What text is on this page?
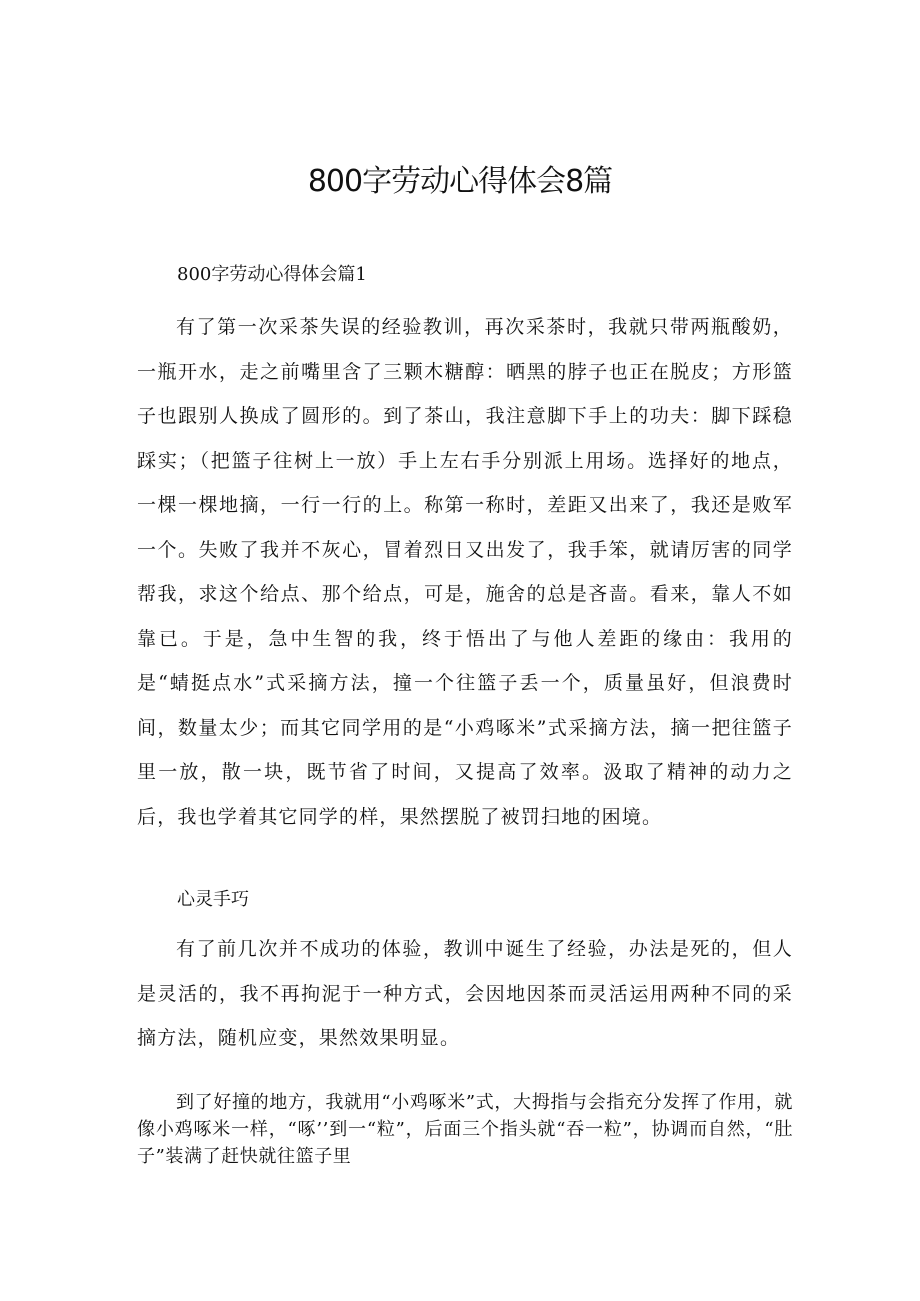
800字劳动心得体会8篇

800字劳动心得体会篇1

有了第一次采茶失误的经验教训，再次采茶时，我就只带两瓶酸奶，一瓶开水，走之前嘴里含了三颗木糖醇：晒黑的脖子也正在脱皮；方形篮子也跟别人换成了圆形的。到了茶山，我注意脚下手上的功夫：脚下踩稳踩实；（把篮子往树上一放）手上左右手分别派上用场。选择好的地点，一棵一棵地摘，一行一行的上。称第一称时，差距又出来了，我还是败军一个。失败了我并不灰心，冒着烈日又出发了，我手笨，就请厉害的同学帮我，求这个给点、那个给点，可是，施舍的总是吝啬。看来，靠人不如靠已。于是，急中生智的我，终于悟出了与他人差距的缘由：我用的是“蜻挺点水”式采摘方法，撞一个往篮子丢一个，质量虽好，但浪费时间，数量太少；而其它同学用的是“小鸡啄米”式采摘方法，摘一把往篮子里一放，散一块，既节省了时间，又提高了效率。汲取了精神的动力之后，我也学着其它同学的样，果然摆脱了被罚扫地的困境。

心灵手巧

有了前几次并不成功的体验，教训中诞生了经验，办法是死的，但人是灵活的，我不再拘泥于一种方式，会因地因茶而灵活运用两种不同的采摘方法，随机应变，果然效果明显。

到了好撞的地方，我就用“小鸡啄米”式，大拇指与会指充分发挥了作用，就像小鸡啄米一样，“啄’’到一“粒”，后面三个指头就“吞一粒”，协调而自然，“肚子”装满了赶快就往篮子里
